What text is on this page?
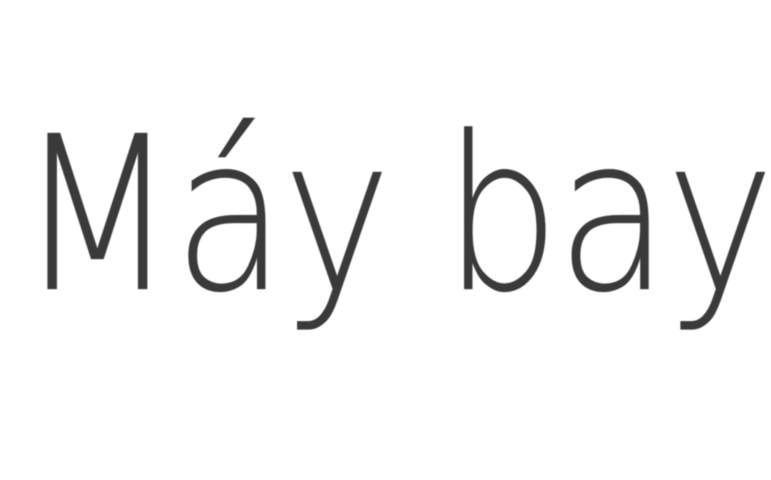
Máy bay
